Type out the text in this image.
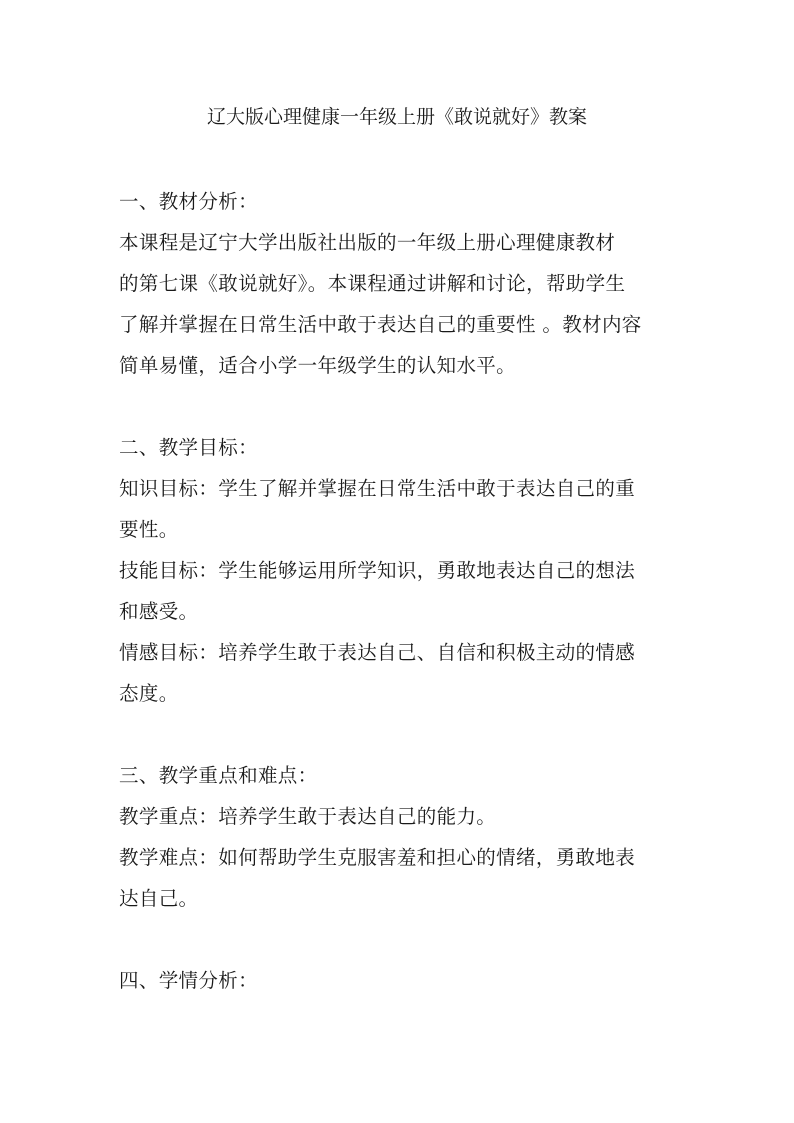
辽大版心理健康一年级上册《敢说就好》教案
一、教材分析：
本课程是辽宁大学出版社出版的一年级上册心理健康教材
的第七课《敢说就好》。本课程通过讲解和讨论，帮助学生
了解并掌握在日常生活中敢于表达自己的重要性 。教材内容
简单易懂，适合小学一年级学生的认知水平。
二、教学目标：
知识目标：学生了解并掌握在日常生活中敢于表达自己的重
要性。
技能目标：学生能够运用所学知识，勇敢地表达自己的想法
和感受。
情感目标：培养学生敢于表达自己、自信和积极主动的情感
态度。
三、教学重点和难点：
教学重点：培养学生敢于表达自己的能力。
教学难点：如何帮助学生克服害羞和担心的情绪，勇敢地表
达自己。
四、学情分析：
